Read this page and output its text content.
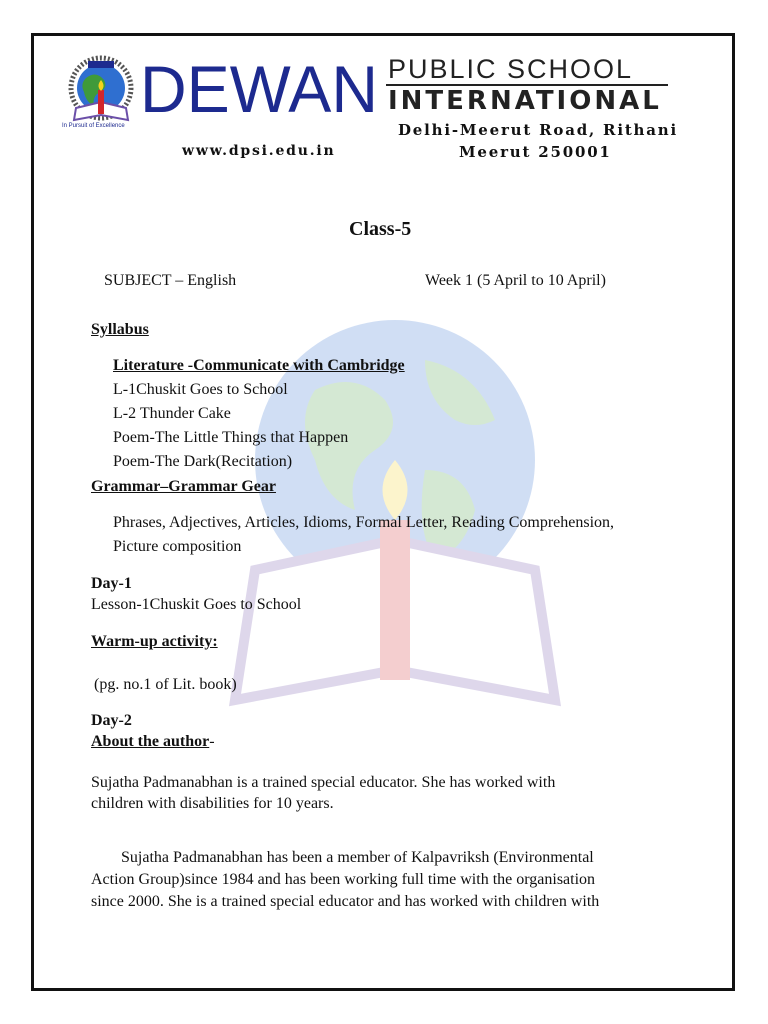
In Pursuit of Excellence DEWAN PUBLIC SCHOOL
INTERNATIONAL
Delhi-Meerut Road, Rithani
Meerut 250001
www.dpsi.edu.in
Class-5
SUBJECT – English	Week 1 (5 April to 10 April)
Syllabus
Literature -Communicate with Cambridge
L-1Chuskit Goes to School
L-2 Thunder Cake
Poem-The Little Things that Happen
Poem-The Dark(Recitation)
Grammar–Grammar Gear
Phrases, Adjectives, Articles, Idioms, Formal Letter, Reading Comprehension,
Picture composition
Day-1
Lesson-1Chuskit Goes to School
Warm-up activity:
(pg. no.1 of Lit. book)
Day-2
About the author-
Sujatha Padmanabhan is a trained special educator. She has worked with
children with disabilities for 10 years.
Sujatha Padmanabhan has been a member of Kalpavriksh (Environmental
Action Group)since 1984 and has been working full time with the organisation
since 2000. She is a trained special educator and has worked with children with
